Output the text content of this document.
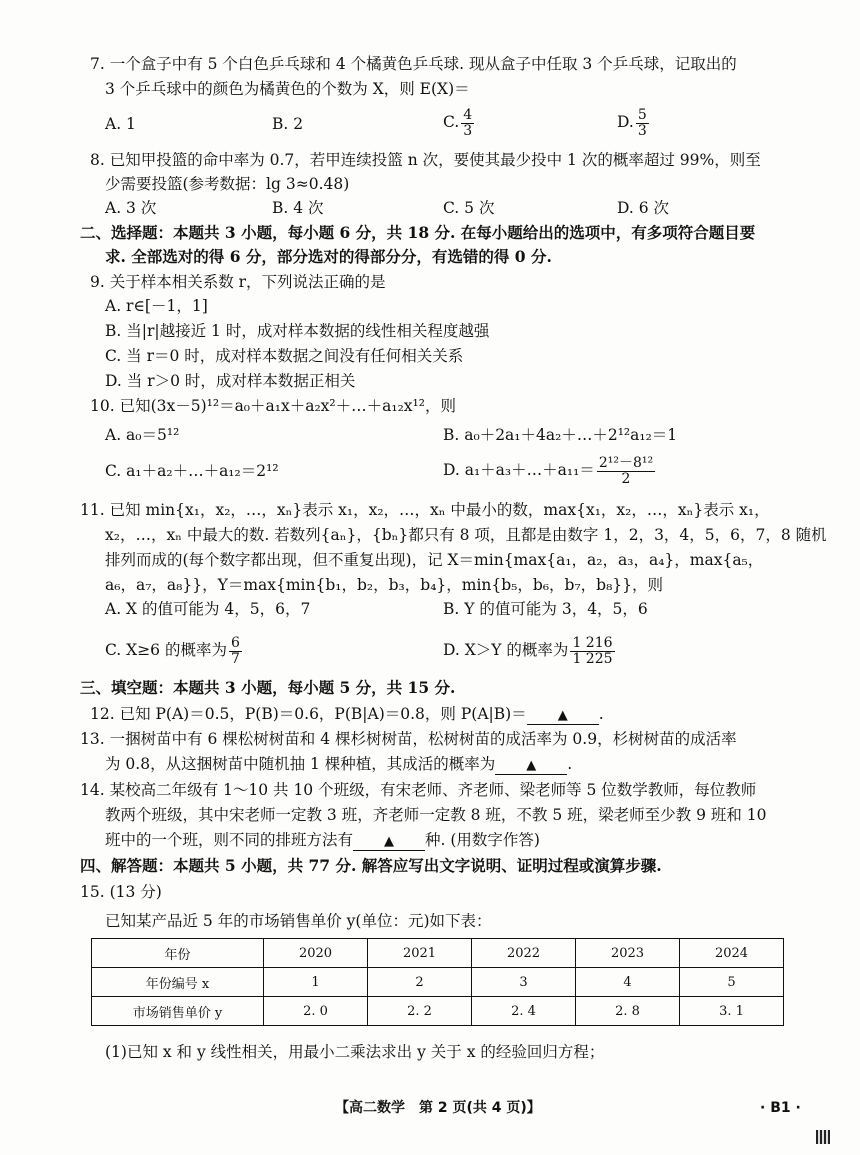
7. 一个盒子中有 5 个白色乒乓球和 4 个橘黄色乒乓球. 现从盒子中任取 3 个乒乓球，记取出的
3 个乒乓球中的颜色为橘黄色的个数为 X，则 E(X)＝
A. 1	B. 2	C. $\frac{4}{3}$	D. $\frac{5}{3}$
8. 已知甲投篮的命中率为 0.7，若甲连续投篮 n 次，要使其最少投中 1 次的概率超过 99%，则至
少需要投篮(参考数据：lg 3≈0.48)
A. 3 次	B. 4 次	C. 5 次	D. 6 次
二、选择题：本题共 3 小题，每小题 6 分，共 18 分. 在每小题给出的选项中，有多项符合题目要
求. 全部选对的得 6 分，部分选对的得部分分，有选错的得 0 分.
9. 关于样本相关系数 r，下列说法正确的是
A. r∈[－1，1]
B. 当|r|越接近 1 时，成对样本数据的线性相关程度越强
C. 当 r＝0 时，成对样本数据之间没有任何相关关系
D. 当 r＞0 时，成对样本数据正相关
10. 已知(3x－5)¹²＝a₀＋a₁x＋a₂x²＋…＋a₁₂x¹²，则
A. a₀＝5¹²	B. a₀＋2a₁＋4a₂＋…＋2¹²a₁₂＝1
C. a₁＋a₂＋…＋a₁₂＝2¹²	D. a₁＋a₃＋…＋a₁₁＝ $\frac{\text{2¹²－8¹²}}{2}$
11. 已知 min{x₁，x₂，…，xₙ}表示 x₁，x₂，…，xₙ 中最小的数，max{x₁，x₂，…，xₙ}表示 x₁，
x₂，…，xₙ 中最大的数. 若数列{aₙ}，{bₙ}都只有 8 项，且都是由数字 1，2，3，4，5，6，7，8 随机
排列而成的(每个数字都出现，但不重复出现)，记 X＝min{max{a₁，a₂，a₃，a₄}，max{a₅，
a₆，a₇，a₈}}，Y＝max{min{b₁，b₂，b₃，b₄}，min{b₅，b₆，b₇，b₈}}，则
A. X 的值可能为 4，5，6，7	B. Y 的值可能为 3，4，5，6
C. X≥6 的概率为 $\frac{6}{7}$	D. X＞Y 的概率为 $\frac{1 216}{1 225}$
三、填空题：本题共 3 小题，每小题 5 分，共 15 分.
12. 已知 P(A)＝0.5，P(B)＝0.6，P(B|A)＝0.8，则 P(A|B)＝ ▲ .
13. 一捆树苗中有 6 棵松树树苗和 4 棵杉树树苗，松树树苗的成活率为 0.9，杉树树苗的成活率
为 0.8，从这捆树苗中随机抽 1 棵种植，其成活的概率为 ▲ .
14. 某校高二年级有 1～10 共 10 个班级，有宋老师、齐老师、梁老师等 5 位数学教师，每位教师
教两个班级，其中宋老师一定教 3 班，齐老师一定教 8 班，不教 5 班，梁老师至少教 9 班和 10
班中的一个班，则不同的排班方法有 ▲ 种. (用数字作答)
四、解答题：本题共 5 小题，共 77 分. 解答应写出文字说明、证明过程或演算步骤.
15. (13 分)
已知某产品近 5 年的市场销售单价 y(单位：元)如下表：
年份	2020	2021	2022	2023	2024
年份编号 x	1	2	3	4	5
市场销售单价 y	2. 0	2. 2	2. 4	2. 8	3. 1
(1)已知 x 和 y 线性相关，用最小二乘法求出 y 关于 x 的经验回归方程；
【高二数学　第 2 页(共 4 页)】	· B1 ·
